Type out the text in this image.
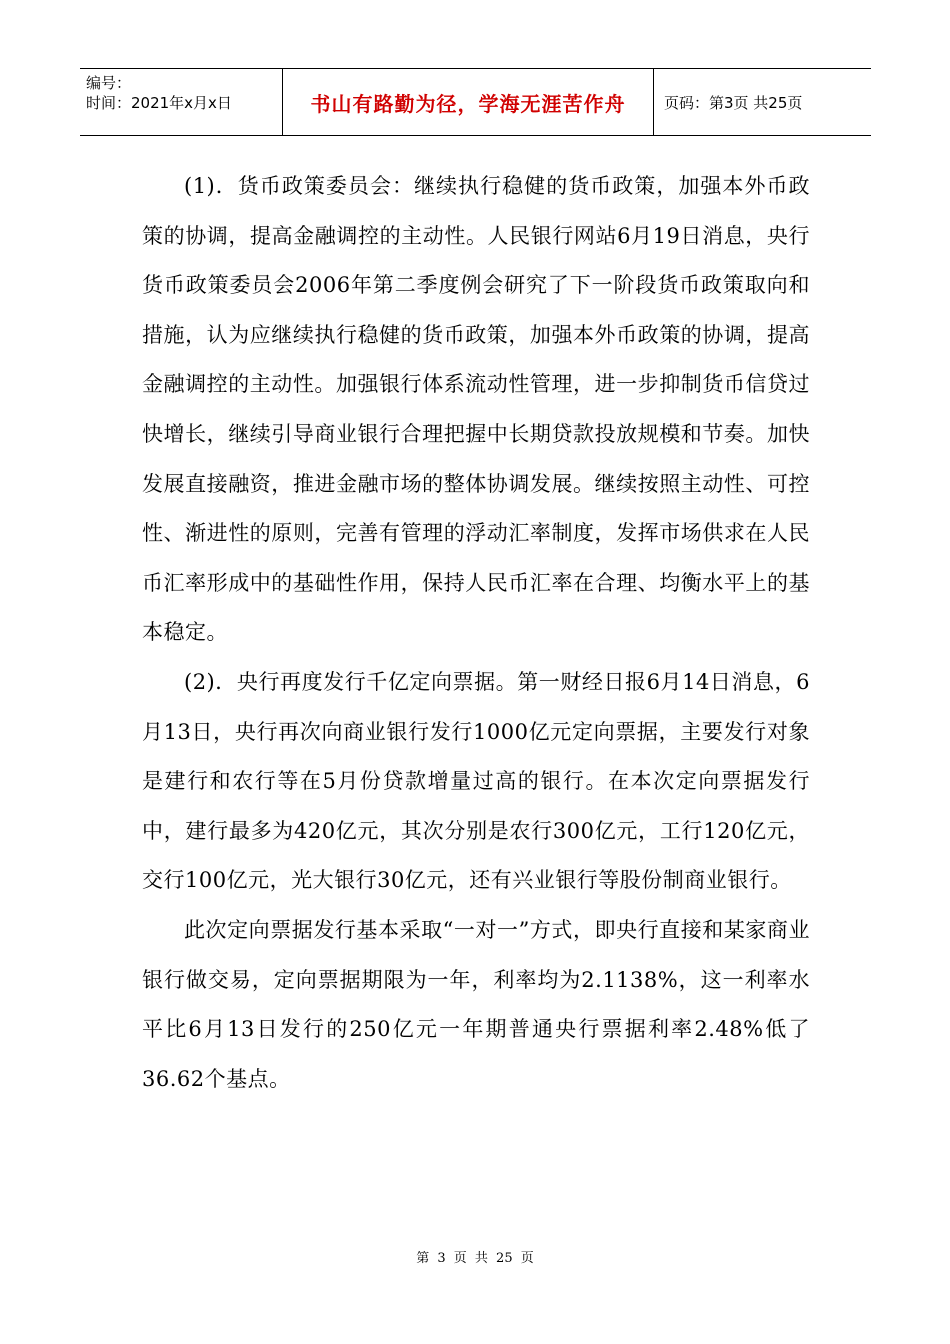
编号：
时间：2021年x月x日	书山有路勤为径，学海无涯苦作舟	页码：第3页 共25页

(1)．货币政策委员会：继续执行稳健的货币政策，加强本外币政策的协调，提高金融调控的主动性。人民银行网站6月19日消息，央行货币政策委员会2006年第二季度例会研究了下一阶段货币政策取向和措施，认为应继续执行稳健的货币政策，加强本外币政策的协调，提高金融调控的主动性。加强银行体系流动性管理，进一步抑制货币信贷过快增长，继续引导商业银行合理把握中长期贷款投放规模和节奏。加快发展直接融资，推进金融市场的整体协调发展。继续按照主动性、可控性、渐进性的原则，完善有管理的浮动汇率制度，发挥市场供求在人民币汇率形成中的基础性作用，保持人民币汇率在合理、均衡水平上的基本稳定。

(2)．央行再度发行千亿定向票据。第一财经日报6月14日消息，6月13日，央行再次向商业银行发行1000亿元定向票据，主要发行对象是建行和农行等在5月份贷款增量过高的银行。在本次定向票据发行中，建行最多为420亿元，其次分别是农行300亿元，工行120亿元，交行100亿元，光大银行30亿元，还有兴业银行等股份制商业银行。

此次定向票据发行基本采取“一对一”方式，即央行直接和某家商业银行做交易，定向票据期限为一年，利率均为2.1138%，这一利率水平比6月13日发行的250亿元一年期普通央行票据利率2.48%低了36.62个基点。

第 3 页 共 25 页
